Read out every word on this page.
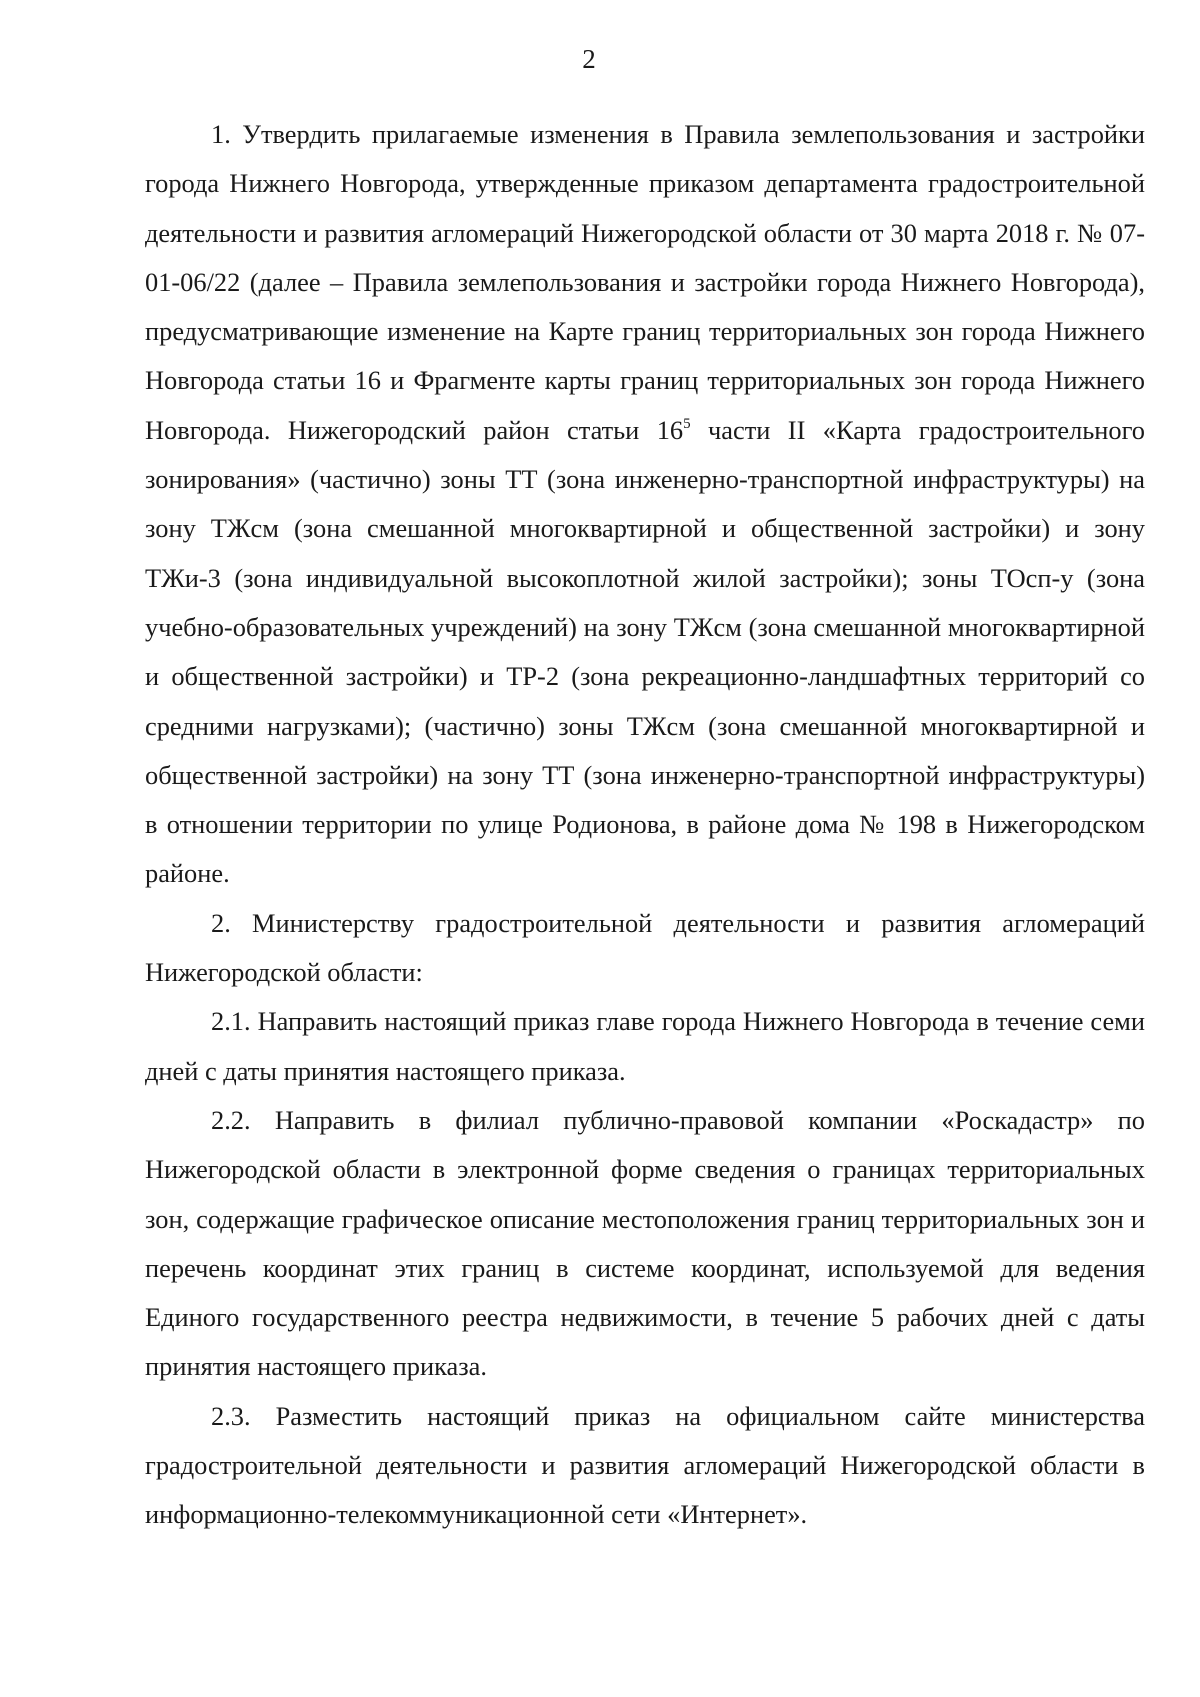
2

1. Утвердить прилагаемые изменения в Правила землепользования и застройки города Нижнего Новгорода, утвержденные приказом департамента градостроительной деятельности и развития агломераций Нижегородской области от 30 марта 2018 г. № 07-01-06/22 (далее – Правила землепользования и застройки города Нижнего Новгорода), предусматривающие изменение на Карте границ территориальных зон города Нижнего Новгорода статьи 16 и Фрагменте карты границ территориальных зон города Нижнего Новгорода. Нижегородский район статьи $16^5$ части II «Карта градостроительного зонирования» (частично) зоны ТТ (зона инженерно-транспортной инфраструктуры) на зону ТЖсм (зона смешанной многоквартирной и общественной застройки) и зону ТЖи-3 (зона индивидуальной высокоплотной жилой застройки); зоны ТОсп-у (зона учебно-образовательных учреждений) на зону ТЖсм (зона смешанной многоквартирной и общественной застройки) и ТР-2 (зона рекреационно-ландшафтных территорий со средними нагрузками); (частично) зоны ТЖсм (зона смешанной многоквартирной и общественной застройки) на зону ТТ (зона инженерно-транспортной инфраструктуры) в отношении территории по улице Родионова, в районе дома № 198 в Нижегородском районе.

2. Министерству градостроительной деятельности и развития агломераций Нижегородской области:

2.1. Направить настоящий приказ главе города Нижнего Новгорода в течение семи дней с даты принятия настоящего приказа.

2.2. Направить в филиал публично-правовой компании «Роскадастр» по Нижегородской области в электронной форме сведения о границах территориальных зон, содержащие графическое описание местоположения границ территориальных зон и перечень координат этих границ в системе координат, используемой для ведения Единого государственного реестра недвижимости, в течение 5 рабочих дней с даты принятия настоящего приказа.

2.3. Разместить настоящий приказ на официальном сайте министерства градостроительной деятельности и развития агломераций Нижегородской области в информационно-телекоммуникационной сети «Интернет».
